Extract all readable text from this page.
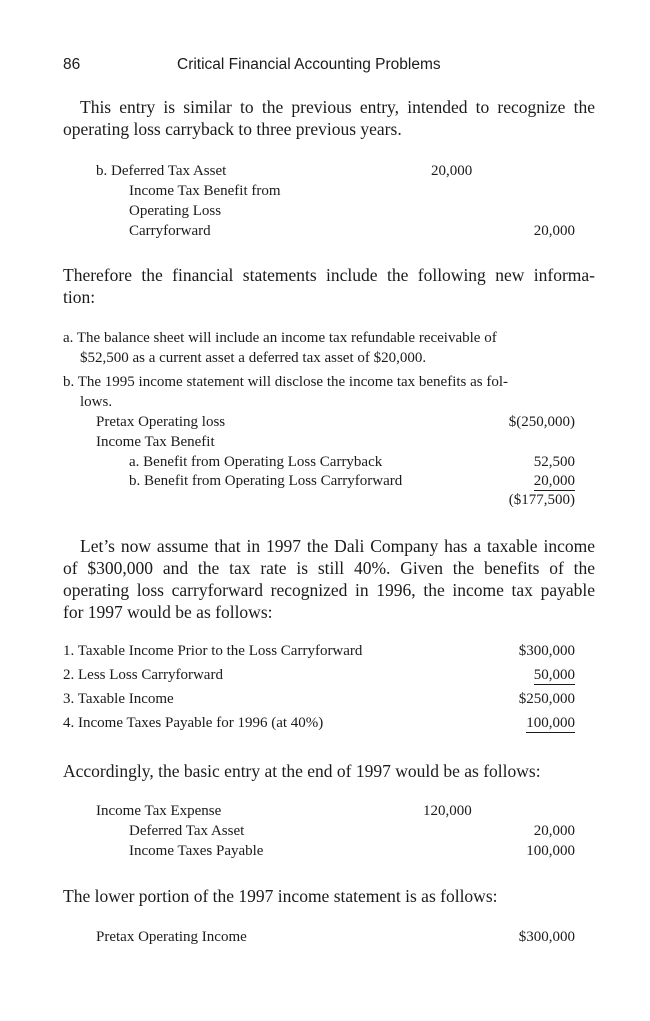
86	Critical Financial Accounting Problems
This entry is similar to the previous entry, intended to recognize the
operating loss carryback to three previous years.
b. Deferred Tax Asset	20,000
Income Tax Benefit from
Operating Loss
Carryforward	20,000
Therefore the financial statements include the following new informa-
tion:
a. The balance sheet will include an income tax refundable receivable of
$52,500 as a current asset a deferred tax asset of $20,000.
b. The 1995 income statement will disclose the income tax benefits as fol-
lows.
Pretax Operating loss	$(250,000)
Income Tax Benefit
a. Benefit from Operating Loss Carryback	52,500
b. Benefit from Operating Loss Carryforward	20,000
($177,500)
Let’s now assume that in 1997 the Dali Company has a taxable income
of $300,000 and the tax rate is still 40%. Given the benefits of the
operating loss carryforward recognized in 1996, the income tax payable
for 1997 would be as follows:
1. Taxable Income Prior to the Loss Carryforward	$300,000
2. Less Loss Carryforward	50,000
3. Taxable Income	$250,000
4. Income Taxes Payable for 1996 (at 40%)	100,000
Accordingly, the basic entry at the end of 1997 would be as follows:
Income Tax Expense	120,000
Deferred Tax Asset	20,000
Income Taxes Payable	100,000
The lower portion of the 1997 income statement is as follows:
Pretax Operating Income	$300,000
